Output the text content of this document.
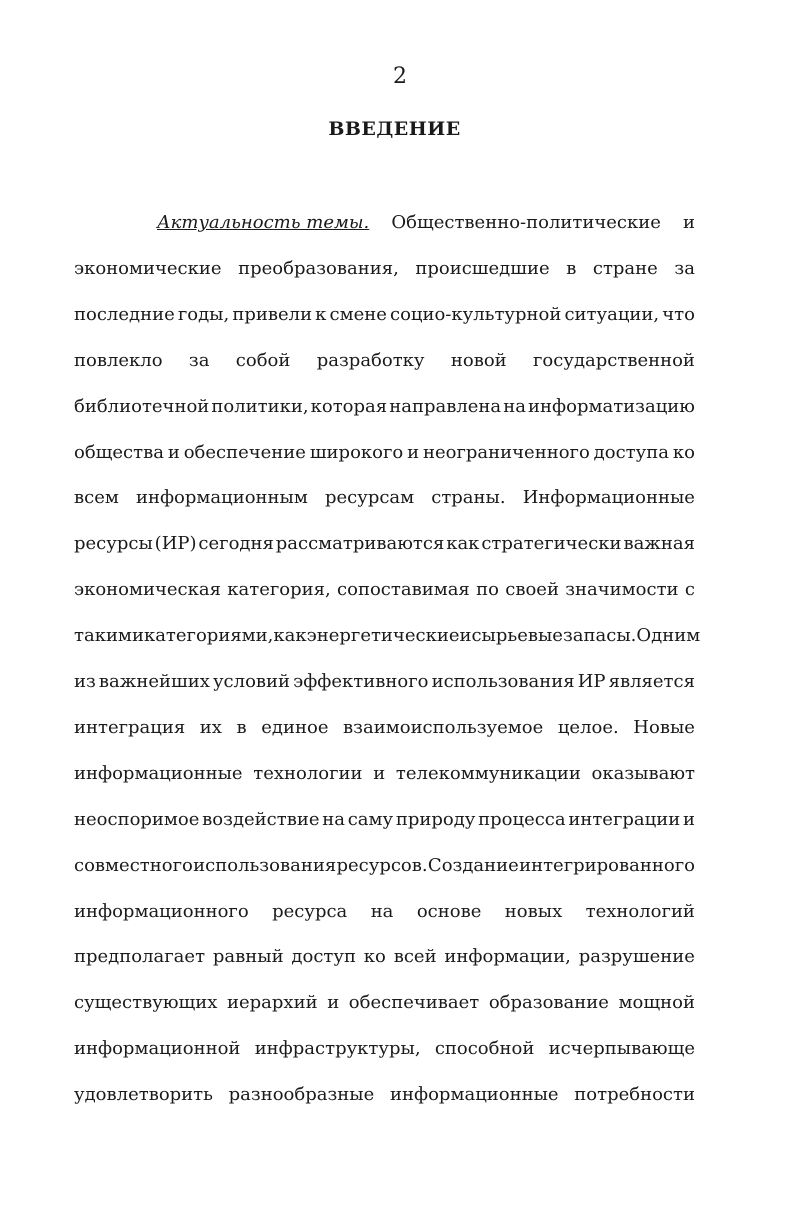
2
ВВЕДЕНИЕ
Актуальность темы. Общественно-политические и
экономические преобразования, происшедшие в стране за
последние годы, привели к смене социо-культурной ситуации, что
повлекло за собой разработку новой государственной
библиотечной политики, которая направлена на информатизацию
общества и обеспечение широкого и неограниченного доступа ко
всем информационным ресурсам страны. Информационные
ресурсы (ИР) сегодня рассматриваются как стратегически важная
экономическая категория, сопоставимая по своей значимости с
такими категориями, как энергетические и сырьевые запасы. Одним
из важнейших условий эффективного использования ИР является
интеграция их в единое взаимоиспользуемое целое. Новые
информационные технологии и телекоммуникации оказывают
неоспоримое воздействие на саму природу процесса интеграции и
совместного использования ресурсов. Создание интегрированного
информационного ресурса на основе новых технологий
предполагает равный доступ ко всей информации, разрушение
существующих иерархий и обеспечивает образование мощной
информационной инфраструктуры, способной исчерпывающе
удовлетворить разнообразные информационные потребности
